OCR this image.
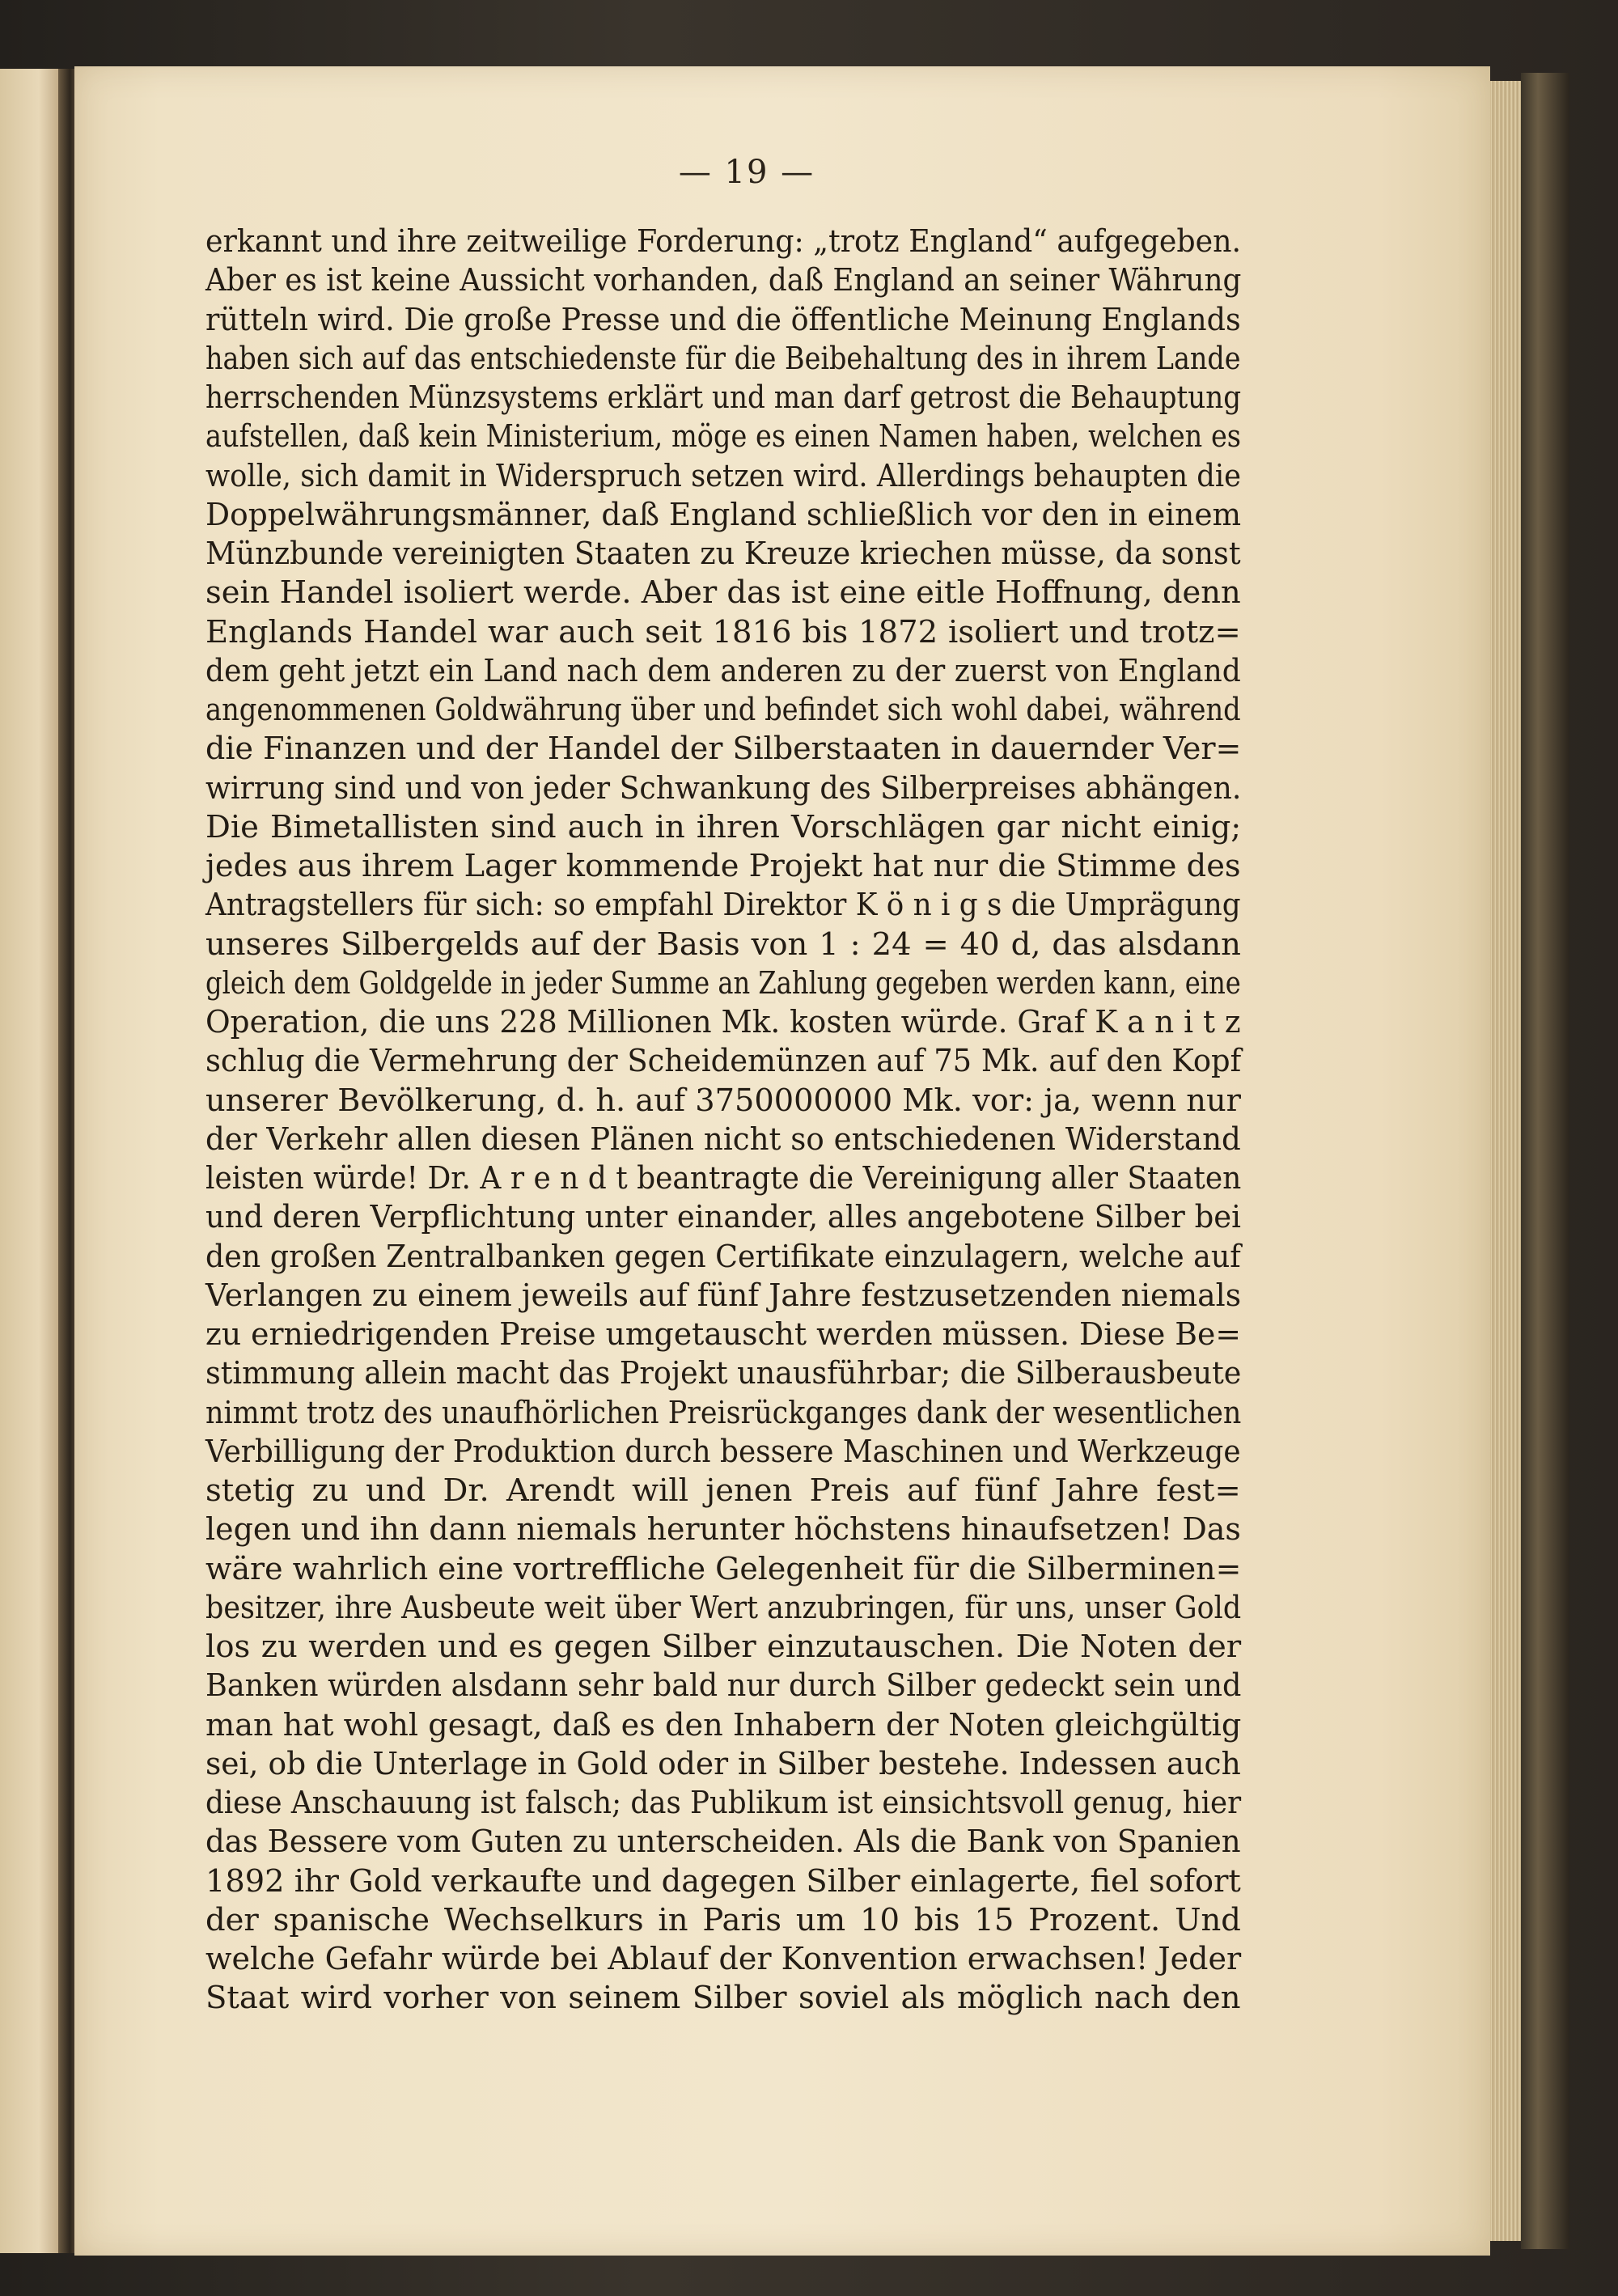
— 19 —
erkannt und ihre zeitweilige Forderung: „trotz England“ aufgegeben.
Aber es ist keine Aussicht vorhanden, daß England an seiner Währung
rütteln wird. Die große Presse und die öffentliche Meinung Englands
haben sich auf das entschiedenste für die Beibehaltung des in ihrem Lande
herrschenden Münzsystems erklärt und man darf getrost die Behauptung
aufstellen, daß kein Ministerium, möge es einen Namen haben, welchen es
wolle, sich damit in Widerspruch setzen wird. Allerdings behaupten die
Doppelwährungsmänner, daß England schließlich vor den in einem
Münzbunde vereinigten Staaten zu Kreuze kriechen müsse, da sonst
sein Handel isoliert werde. Aber das ist eine eitle Hoffnung, denn
Englands Handel war auch seit 1816 bis 1872 isoliert und trotz=
dem geht jetzt ein Land nach dem anderen zu der zuerst von England
angenommenen Goldwährung über und befindet sich wohl dabei, während
die Finanzen und der Handel der Silberstaaten in dauernder Ver=
wirrung sind und von jeder Schwankung des Silberpreises abhängen.
Die Bimetallisten sind auch in ihren Vorschlägen gar nicht einig;
jedes aus ihrem Lager kommende Projekt hat nur die Stimme des
Antragstellers für sich: so empfahl Direktor K ö n i g s die Umprägung
unseres Silbergelds auf der Basis von 1 : 24 = 40 d, das alsdann
gleich dem Goldgelde in jeder Summe an Zahlung gegeben werden kann, eine
Operation, die uns 228 Millionen Mk. kosten würde. Graf K a n i t z
schlug die Vermehrung der Scheidemünzen auf 75 Mk. auf den Kopf
unserer Bevölkerung, d. h. auf 3750000000 Mk. vor: ja, wenn nur
der Verkehr allen diesen Plänen nicht so entschiedenen Widerstand
leisten würde! Dr. A r e n d t beantragte die Vereinigung aller Staaten
und deren Verpflichtung unter einander, alles angebotene Silber bei
den großen Zentralbanken gegen Certifikate einzulagern, welche auf
Verlangen zu einem jeweils auf fünf Jahre festzusetzenden niemals
zu erniedrigenden Preise umgetauscht werden müssen. Diese Be=
stimmung allein macht das Projekt unausführbar; die Silberausbeute
nimmt trotz des unaufhörlichen Preisrückganges dank der wesentlichen
Verbilligung der Produktion durch bessere Maschinen und Werkzeuge
stetig zu und Dr. Arendt will jenen Preis auf fünf Jahre fest=
legen und ihn dann niemals herunter höchstens hinaufsetzen! Das
wäre wahrlich eine vortreffliche Gelegenheit für die Silberminen=
besitzer, ihre Ausbeute weit über Wert anzubringen, für uns, unser Gold
los zu werden und es gegen Silber einzutauschen. Die Noten der
Banken würden alsdann sehr bald nur durch Silber gedeckt sein und
man hat wohl gesagt, daß es den Inhabern der Noten gleichgültig
sei, ob die Unterlage in Gold oder in Silber bestehe. Indessen auch
diese Anschauung ist falsch; das Publikum ist einsichtsvoll genug, hier
das Bessere vom Guten zu unterscheiden. Als die Bank von Spanien
1892 ihr Gold verkaufte und dagegen Silber einlagerte, fiel sofort
der spanische Wechselkurs in Paris um 10 bis 15 Prozent. Und
welche Gefahr würde bei Ablauf der Konvention erwachsen! Jeder
Staat wird vorher von seinem Silber soviel als möglich nach den
